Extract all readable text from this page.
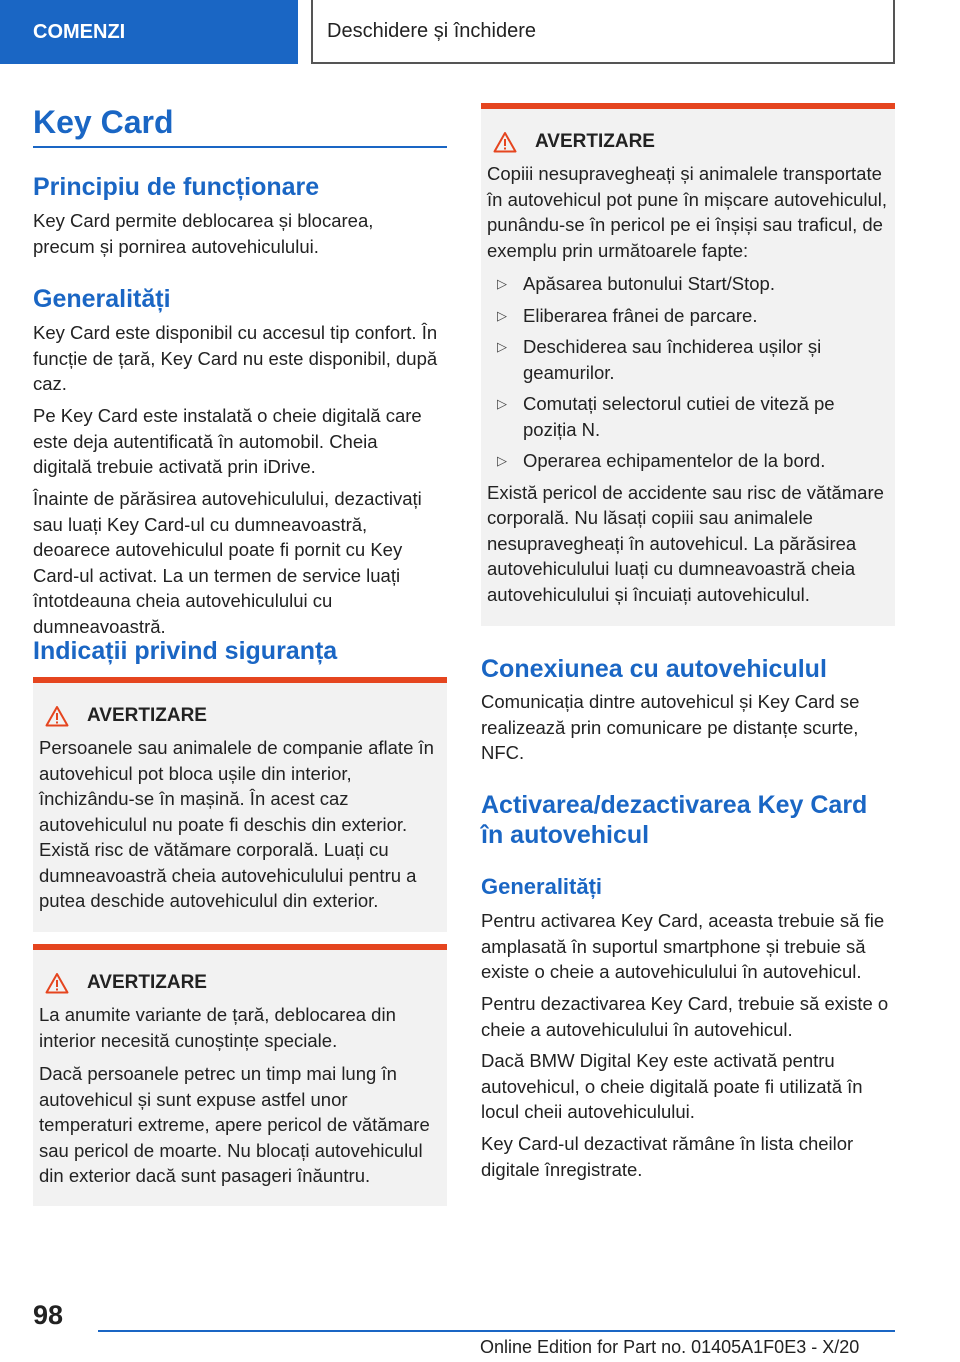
COMENZI	Deschidere și închidere
Key Card
Principiu de funcționare

Key Card permite deblocarea și blocarea, precum și pornirea autovehiculului.

Generalități

Key Card este disponibil cu accesul tip confort. În funcție de țară, Key Card nu este disponibil, după caz.

Pe Key Card este instalată o cheie digitală care este deja autentificată în automobil. Cheia digitală trebuie activată prin iDrive.

Înainte de părăsirea autovehiculului, dezactivați sau luați Key Card-ul cu dumneavoastră, deoarece autovehiculul poate fi pornit cu Key Card-ul activat. La un termen de service luați întotdeauna cheia autovehiculului cu dumneavoastră.

Indicații privind siguranța
AVERTIZARE

Persoanele sau animalele de companie aflate în autovehicul pot bloca ușile din interior, închizându-se în mașină. În acest caz autovehiculul nu poate fi deschis din exterior. Există risc de vătămare corporală. Luați cu dumneavoastră cheia autovehiculului pentru a putea deschide autovehiculul din exterior.

AVERTIZARE

La anumite variante de țară, deblocarea din interior necesită cunoștințe speciale.

Dacă persoanele petrec un timp mai lung în autovehicul și sunt expuse astfel unor temperaturi extreme, apere pericol de vătămare sau pericol de moarte. Nu blocați autovehiculul din exterior dacă sunt pasageri înăuntru.

AVERTIZARE

Copiii nesupravegheați și animalele transportate în autovehicul pot pune în mișcare autovehiculul, punându-se în pericol pe ei înșiși sau traficul, de exemplu prin următoarele fapte:

▷ Apăsarea butonului Start/Stop.
▷ Eliberarea frânei de parcare.
▷ Deschiderea sau închiderea ușilor și geamurilor.
▷ Comutați selectorul cutiei de viteză pe poziția N.
▷ Operarea echipamentelor de la bord.

Există pericol de accidente sau risc de vătămare corporală. Nu lăsați copiii sau animalele nesupravegheați în autovehicul. La părăsirea autovehiculului luați cu dumneavoastră cheia autovehiculului și încuiați autovehiculul.

Conexiunea cu autovehiculul

Comunicația dintre autovehicul și Key Card se realizează prin comunicare pe distanțe scurte, NFC.

Activarea/dezactivarea Key Card în autovehicul
Generalități

Pentru activarea Key Card, aceasta trebuie să fie amplasată în suportul smartphone și trebuie să existe o cheie a autovehiculului în autovehicul.

Pentru dezactivarea Key Card, trebuie să existe o cheie a autovehiculului în autovehicul.

Dacă BMW Digital Key este activată pentru autovehicul, o cheie digitală poate fi utilizată în locul cheii autovehiculului.

Key Card-ul dezactivat rămâne în lista cheilor digitale înregistrate.

98
Online Edition for Part no. 01405A1F0E3 - X/20
